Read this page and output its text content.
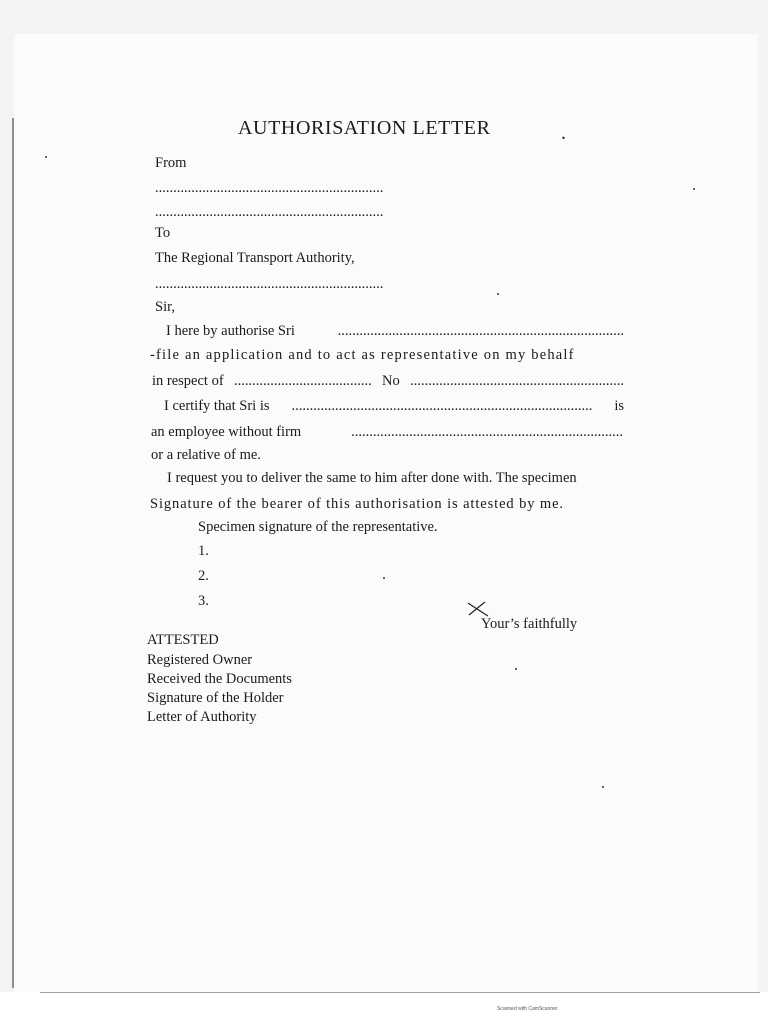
AUTHORISATION LETTER	.
From
...............................................................
...............................................................
To
The Regional Transport Authority,
...............................................................
Sir,
I here by authorise Sri	...............................................................................
-file an application and to act as representative on my behalf
in respect of ...................................... No ...........................................................
I certify that Sri is ................................................................................... is
an employee without firm	...........................................................................
or a relative of me.
I request you to deliver the same to him after done with. The specimen
Signature of the bearer of this authorisation is attested by me.
Specimen signature of the representative.
1.
2.
3.
Your’s faithfully
ATTESTED
Registered Owner
Received the Documents
Signature of the Holder
Letter of Authority
Scanned with CamScanner
